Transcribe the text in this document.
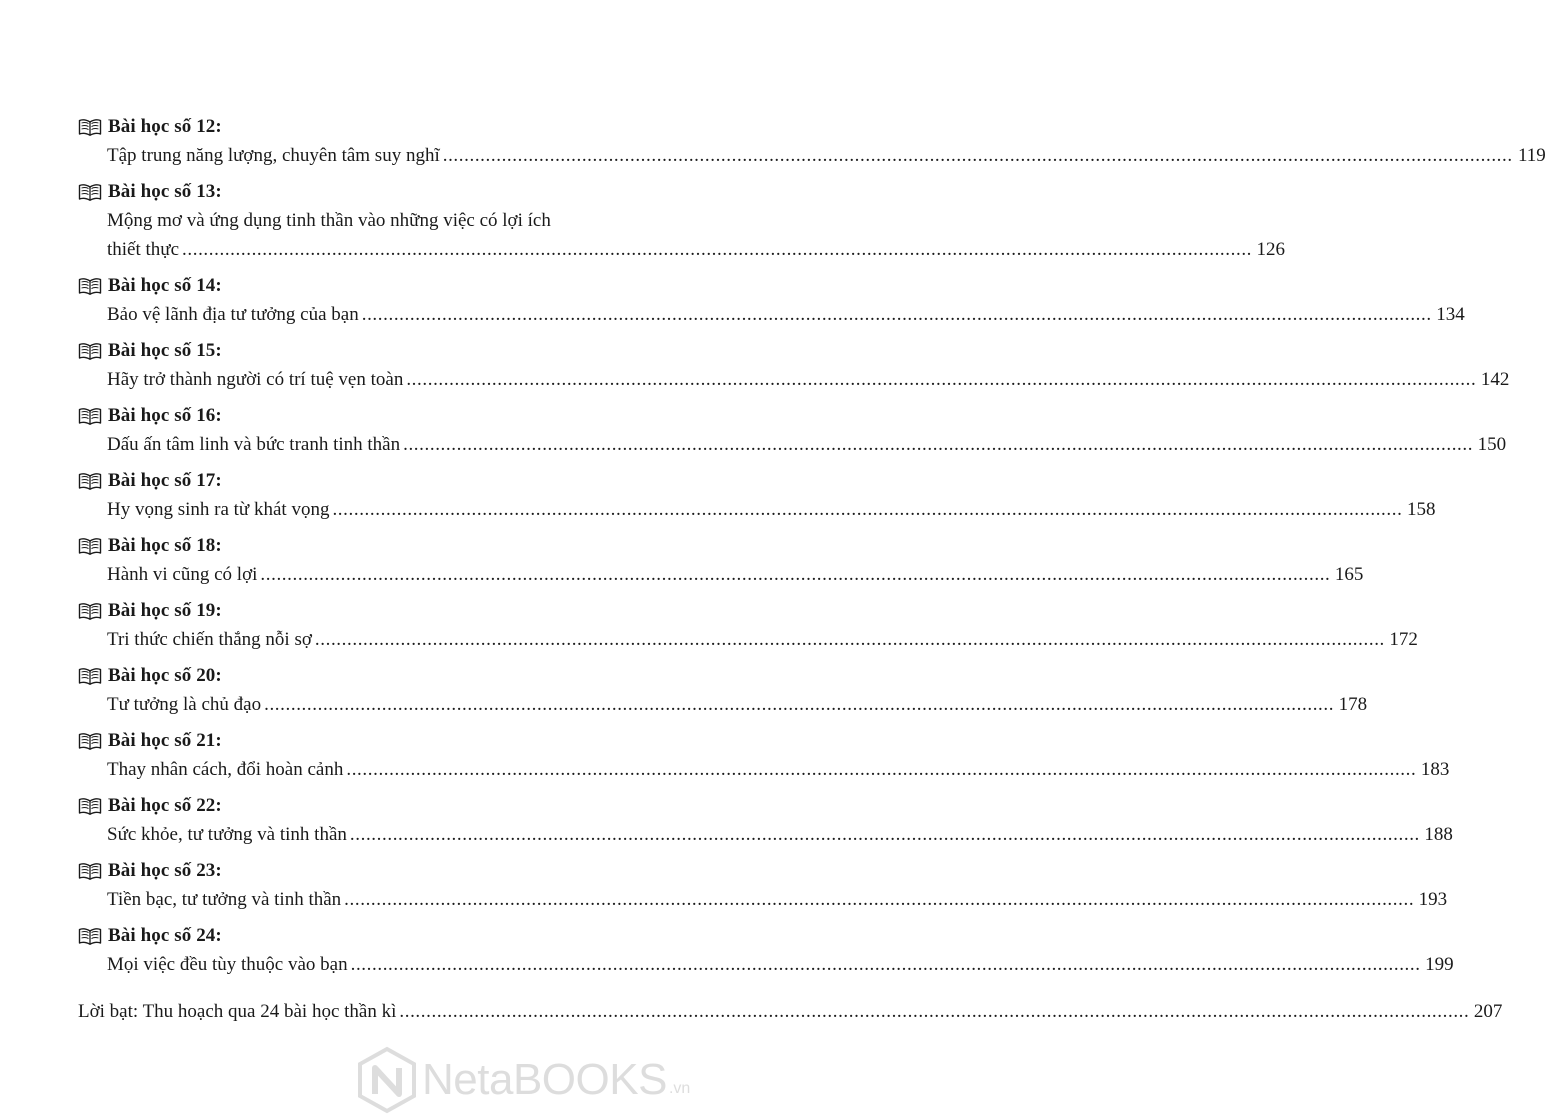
Bài học số 12:
Tập trung năng lượng, chuyên tâm suy nghĩ ........................................................................................................................................................................................................ 119
Bài học số 13:
Mộng mơ và ứng dụng tinh thần vào những việc có lợi ích
thiết thực ........................................................................................................................................................................................................ 126
Bài học số 14:
Bảo vệ lãnh địa tư tưởng của bạn ........................................................................................................................................................................................................ 134
Bài học số 15:
Hãy trở thành người có trí tuệ vẹn toàn ........................................................................................................................................................................................................ 142
Bài học số 16:
Dấu ấn tâm linh và bức tranh tinh thần ........................................................................................................................................................................................................ 150
Bài học số 17:
Hy vọng sinh ra từ khát vọng ........................................................................................................................................................................................................ 158
Bài học số 18:
Hành vi cũng có lợi ........................................................................................................................................................................................................ 165
Bài học số 19:
Tri thức chiến thắng nỗi sợ ........................................................................................................................................................................................................ 172
Bài học số 20:
Tư tưởng là chủ đạo ........................................................................................................................................................................................................ 178
Bài học số 21:
Thay nhân cách, đổi hoàn cảnh ........................................................................................................................................................................................................ 183
Bài học số 22:
Sức khỏe, tư tưởng và tinh thần ........................................................................................................................................................................................................ 188
Bài học số 23:
Tiền bạc, tư tưởng và tinh thần ........................................................................................................................................................................................................ 193
Bài học số 24:
Mọi việc đều tùy thuộc vào bạn ........................................................................................................................................................................................................ 199
Lời bạt: Thu hoạch qua 24 bài học thần kì ........................................................................................................................................................................................................ 207
NetaBOOKS .vn
